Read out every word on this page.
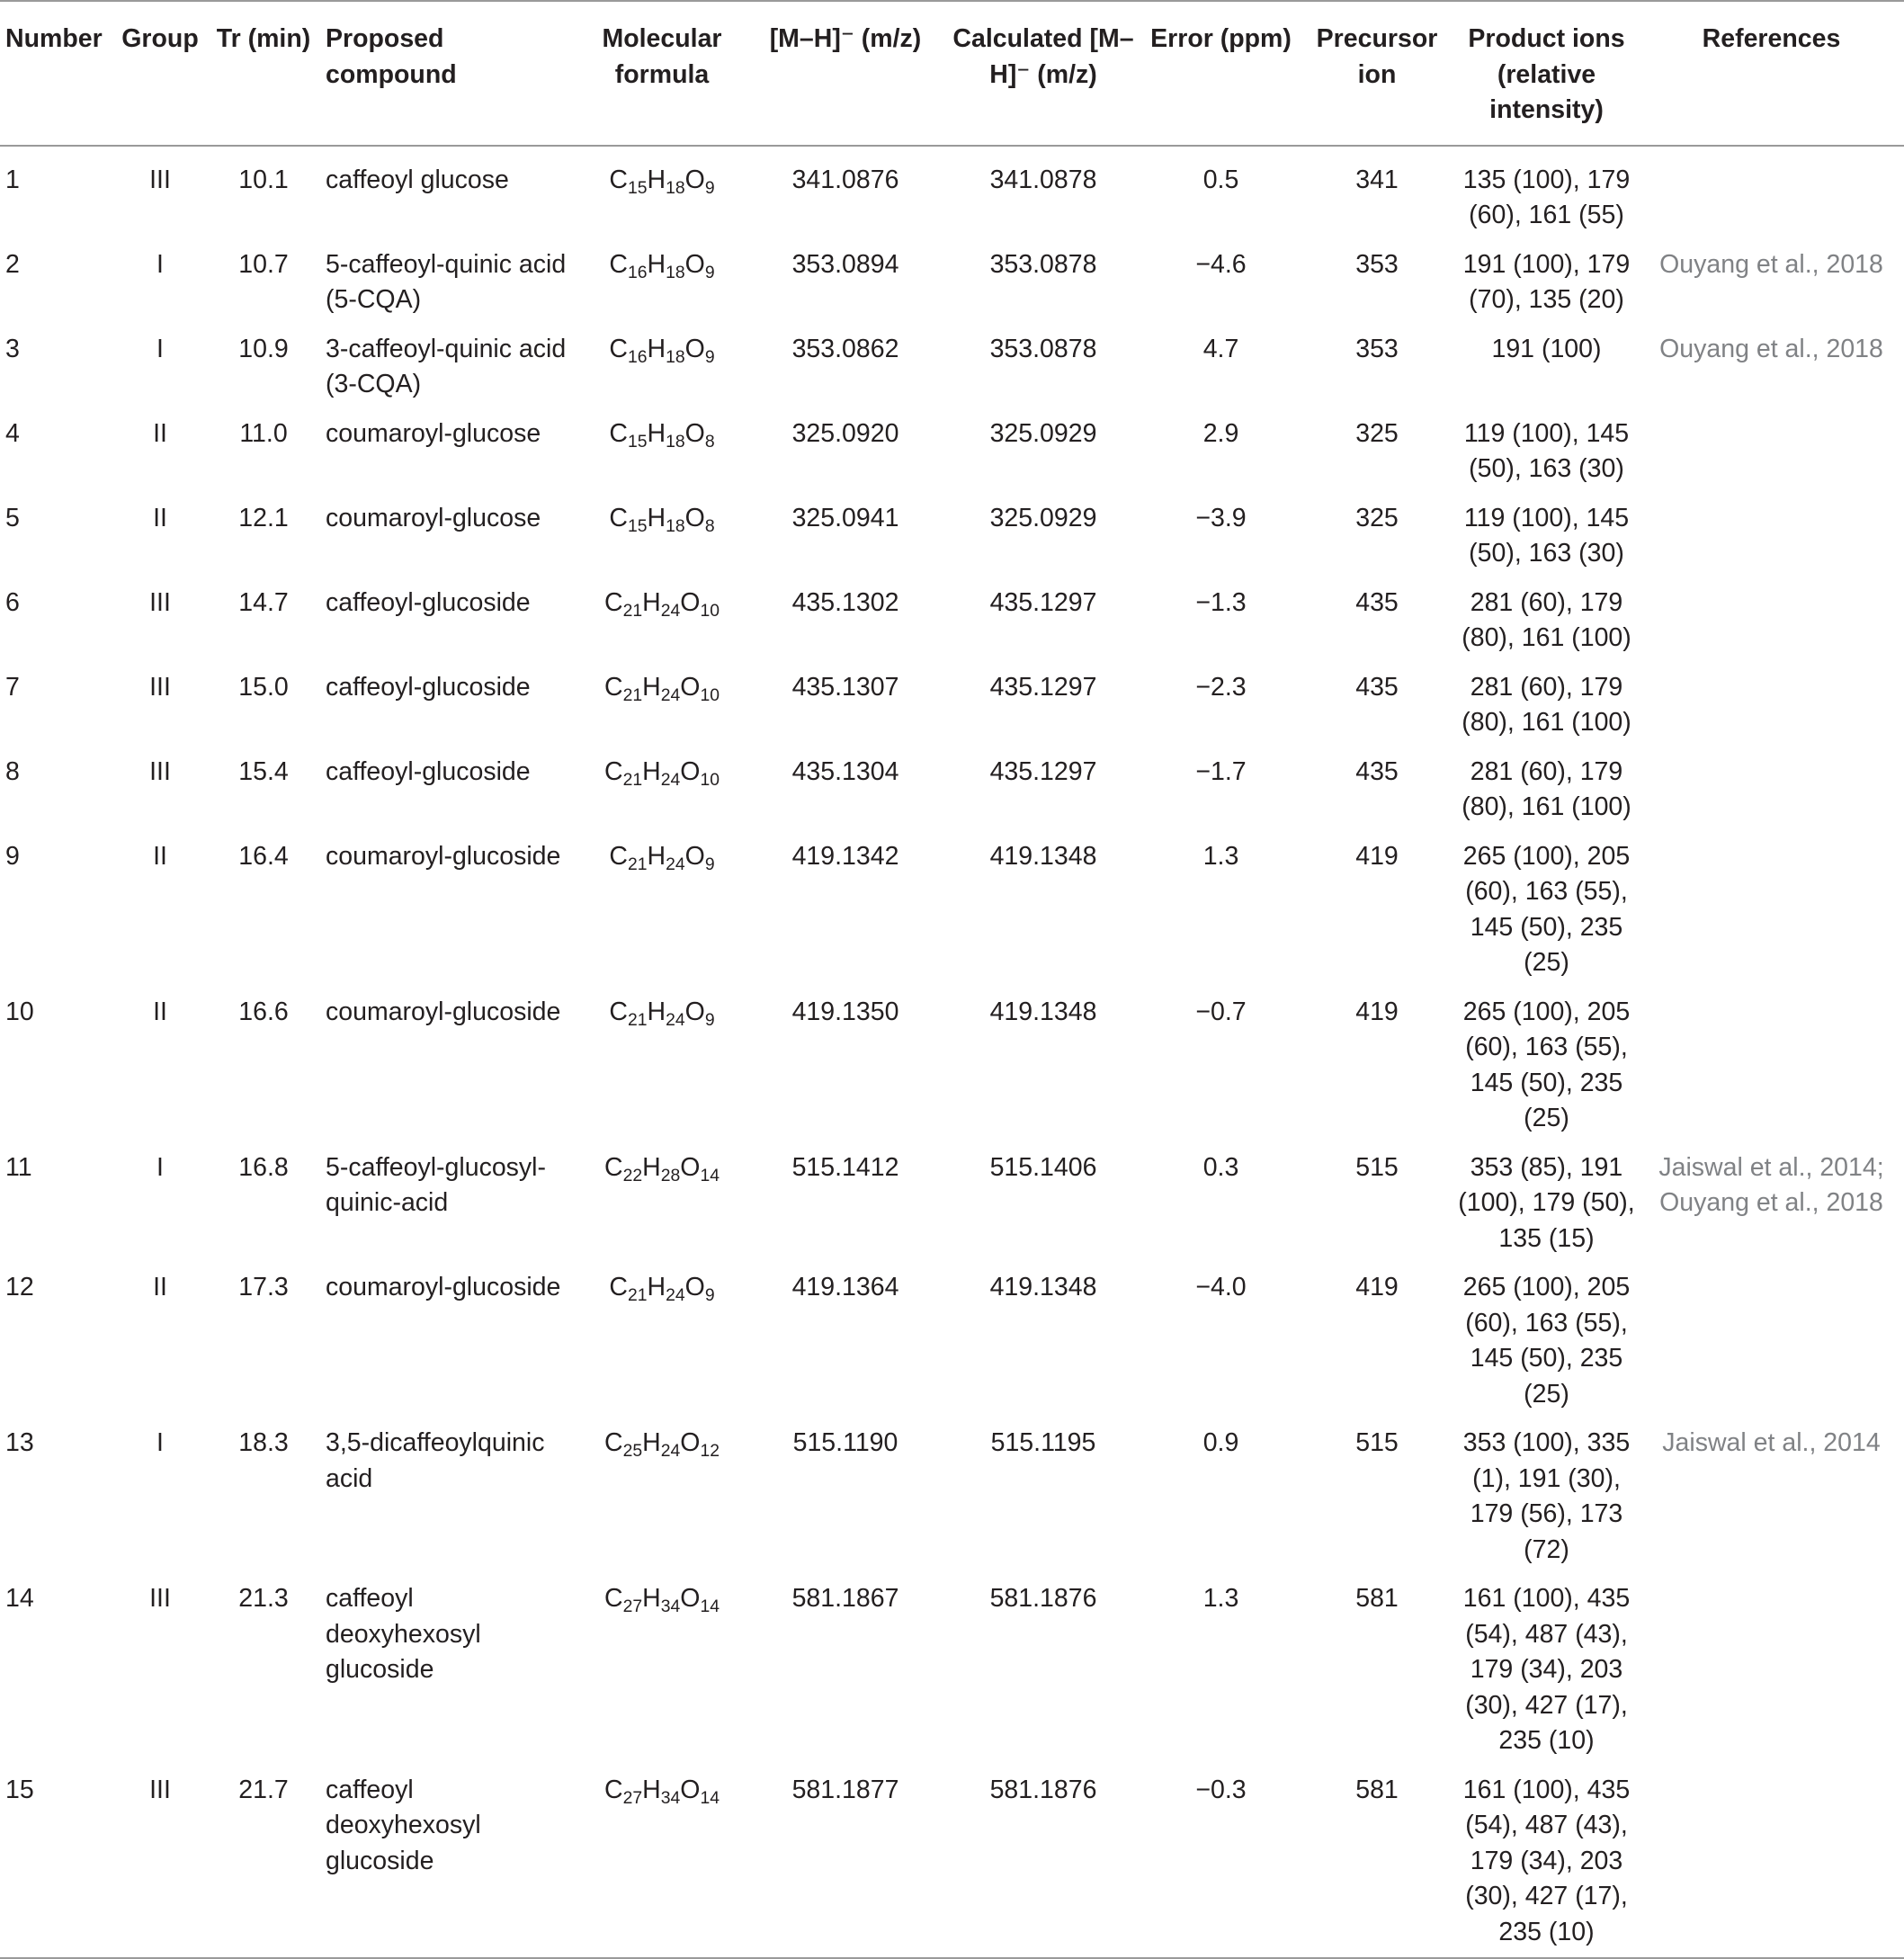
Number	Group	Tr (min)	Proposed compound	Molecular formula	[M–H]⁻ (m/z)	Calculated [M–H]⁻ (m/z)	Error (ppm)	Precursor ion	Product ions (relative intensity)	References
1	III	10.1	caffeoyl glucose	$C_{15}H_{18}O_9$	341.0876	341.0878	0.5	341	135 (100), 179 (60), 161 (55)	
2	I	10.7	5-caffeoyl-quinic acid (5-CQA)	$C_{16}H_{18}O_9$	353.0894	353.0878	−4.6	353	191 (100), 179 (70), 135 (20)	Ouyang et al., 2018
3	I	10.9	3-caffeoyl-quinic acid (3-CQA)	$C_{16}H_{18}O_9$	353.0862	353.0878	4.7	353	191 (100)	Ouyang et al., 2018
4	II	11.0	coumaroyl-glucose	$C_{15}H_{18}O_8$	325.0920	325.0929	2.9	325	119 (100), 145 (50), 163 (30)	
5	II	12.1	coumaroyl-glucose	$C_{15}H_{18}O_8$	325.0941	325.0929	−3.9	325	119 (100), 145 (50), 163 (30)	
6	III	14.7	caffeoyl-glucoside	$C_{21}H_{24}O_{10}$	435.1302	435.1297	−1.3	435	281 (60), 179 (80), 161 (100)	
7	III	15.0	caffeoyl-glucoside	$C_{21}H_{24}O_{10}$	435.1307	435.1297	−2.3	435	281 (60), 179 (80), 161 (100)	
8	III	15.4	caffeoyl-glucoside	$C_{21}H_{24}O_{10}$	435.1304	435.1297	−1.7	435	281 (60), 179 (80), 161 (100)	
9	II	16.4	coumaroyl-glucoside	$C_{21}H_{24}O_9$	419.1342	419.1348	1.3	419	265 (100), 205 (60), 163 (55), 145 (50), 235 (25)	
10	II	16.6	coumaroyl-glucoside	$C_{21}H_{24}O_9$	419.1350	419.1348	−0.7	419	265 (100), 205 (60), 163 (55), 145 (50), 235 (25)	
11	I	16.8	5-caffeoyl-glucosyl-quinic-acid	$C_{22}H_{28}O_{14}$	515.1412	515.1406	0.3	515	353 (85), 191 (100), 179 (50), 135 (15)	Jaiswal et al., 2014;
Ouyang et al., 2018
12	II	17.3	coumaroyl-glucoside	$C_{21}H_{24}O_9$	419.1364	419.1348	−4.0	419	265 (100), 205 (60), 163 (55), 145 (50), 235 (25)	
13	I	18.3	3,5-dicaffeoylquinic acid	$C_{25}H_{24}O_{12}$	515.1190	515.1195	0.9	515	353 (100), 335 (1), 191 (30), 179 (56), 173 (72)	Jaiswal et al., 2014
14	III	21.3	caffeoyl deoxyhexosyl glucoside	$C_{27}H_{34}O_{14}$	581.1867	581.1876	1.3	581	161 (100), 435 (54), 487 (43), 179 (34), 203 (30), 427 (17), 235 (10)	
15	III	21.7	caffeoyl deoxyhexosyl glucoside	$C_{27}H_{34}O_{14}$	581.1877	581.1876	−0.3	581	161 (100), 435 (54), 487 (43), 179 (34), 203 (30), 427 (17), 235 (10)	
